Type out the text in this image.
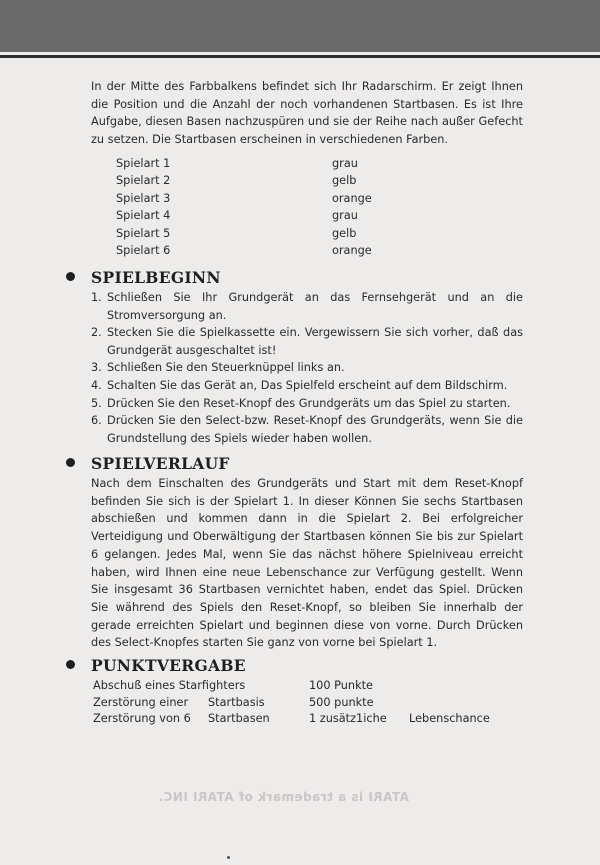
In der Mitte des Farbbalkens befindet sich Ihr Radarschirm. Er zeigt Ihnen die Position und die Anzahl der noch vorhandenen Startbasen. Es ist Ihre Aufgabe, diesen Basen nachzuspüren und sie der Reihe nach außer Gefecht zu setzen. Die Startbasen erscheinen in verschiedenen Farben.

Spielart 1	grau
Spielart 2	gelb
Spielart 3	orange
Spielart 4	grau
Spielart 5	gelb
Spielart 6	orange
SPIELBEGINN
1. Schließen Sie Ihr Grundgerät an das Fernsehgerät und an die Stromversorgung an.
2. Stecken Sie die Spielkassette ein. Vergewissern Sie sich vorher, daß das Grundgerät ausgeschaltet ist!
3. Schließen Sie den Steuerknüppel links an.
4. Schalten Sie das Gerät an, Das Spielfeld erscheint auf dem Bildschirm.
5. Drücken Sie den Reset-Knopf des Grundgeräts um das Spiel zu starten.
6. Drücken Sie den Select-bzw. Reset-Knopf des Grundgeräts, wenn Sie die Grundstellung des Spiels wieder haben wollen.
SPIELVERLAUF

Nach dem Einschalten des Grundgeräts und Start mit dem Reset-Knopf befinden Sie sich is der Spielart 1. In dieser Können Sie sechs Startbasen abschießen und kommen dann in die Spielart 2. Bei erfolgreicher Verteidigung und Oberwältigung der Startbasen können Sie bis zur Spielart 6 gelangen. Jedes Mal, wenn Sie das nächst höhere Spielniveau erreicht haben, wird Ihnen eine neue Lebenschance zur Verfügung gestellt. Wenn Sie insgesamt 36 Startbasen vernichtet haben, endet das Spiel. Drücken Sie während des Spiels den Reset-Knopf, so bleiben Sie innerhalb der gerade erreichten Spielart und beginnen diese von vorne. Durch Drücken des Select-Knopfes starten Sie ganz von vorne bei Spielart 1.

PUNKTVERGABE
Abschuß eines Starfighters	100 Punkte
Zerstörung einer Startbasis	500 punkte
Zerstörung von 6 Startbasen	1 zusätz1iche Lebenschance
ATARI is a trademark of ATARI INC.
